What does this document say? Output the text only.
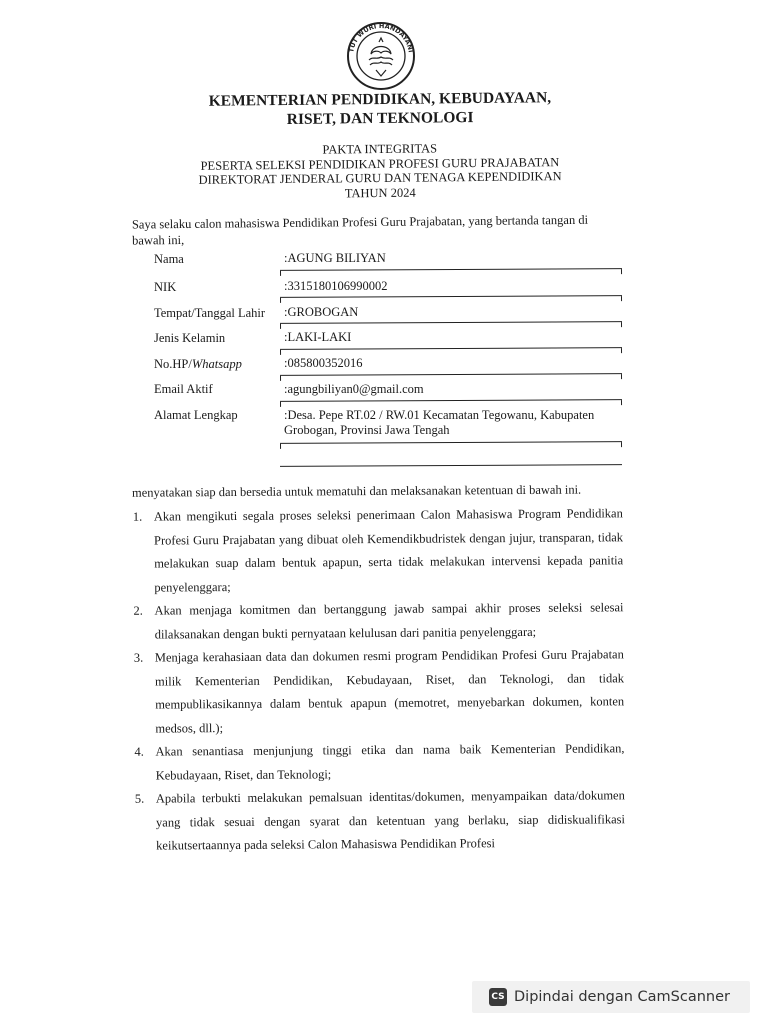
TUT WURI HANDAYANI
KEMENTERIAN PENDIDIKAN, KEBUDAYAAN,
RISET, DAN TEKNOLOGI
PAKTA INTEGRITAS
PESERTA SELEKSI PENDIDIKAN PROFESI GURU PRAJABATAN
DIREKTORAT JENDERAL GURU DAN TENAGA KEPENDIDIKAN
TAHUN 2024
Saya selaku calon mahasiswa Pendidikan Profesi Guru Prajabatan, yang bertanda tangan di bawah ini,
Nama	:AGUNG BILIYAN
NIK	:3315180106990002
Tempat/Tanggal Lahir :GROBOGAN
Jenis Kelamin	:LAKI-LAKI
No.HP/Whatsapp	:085800352016
Email Aktif	:agungbiliyan0@gmail.com
Alamat Lengkap	:Desa. Pepe RT.02 / RW.01 Kecamatan Tegowanu, Kabupaten Grobogan, Provinsi Jawa Tengah
menyatakan siap dan bersedia untuk mematuhi dan melaksanakan ketentuan di bawah ini.
1. Akan mengikuti segala proses seleksi penerimaan Calon Mahasiswa Program Pendidikan Profesi Guru Prajabatan yang dibuat oleh Kemendikbudristek dengan jujur, transparan, tidak melakukan suap dalam bentuk apapun, serta tidak melakukan intervensi kepada panitia penyelenggara;
2. Akan menjaga komitmen dan bertanggung jawab sampai akhir proses seleksi selesai dilaksanakan dengan bukti pernyataan kelulusan dari panitia penyelenggara;
3. Menjaga kerahasiaan data dan dokumen resmi program Pendidikan Profesi Guru Prajabatan milik Kementerian Pendidikan, Kebudayaan, Riset, dan Teknologi, dan tidak mempublikasikannya dalam bentuk apapun (memotret, menyebarkan dokumen, konten medsos, dll.);
4. Akan senantiasa menjunjung tinggi etika dan nama baik Kementerian Pendidikan, Kebudayaan, Riset, dan Teknologi;
5. Apabila terbukti melakukan pemalsuan identitas/dokumen, menyampaikan data/dokumen yang tidak sesuai dengan syarat dan ketentuan yang berlaku, siap didiskualifikasi keikutsertaannya pada seleksi Calon Mahasiswa Pendidikan Profesi
CS Dipindai dengan CamScanner
